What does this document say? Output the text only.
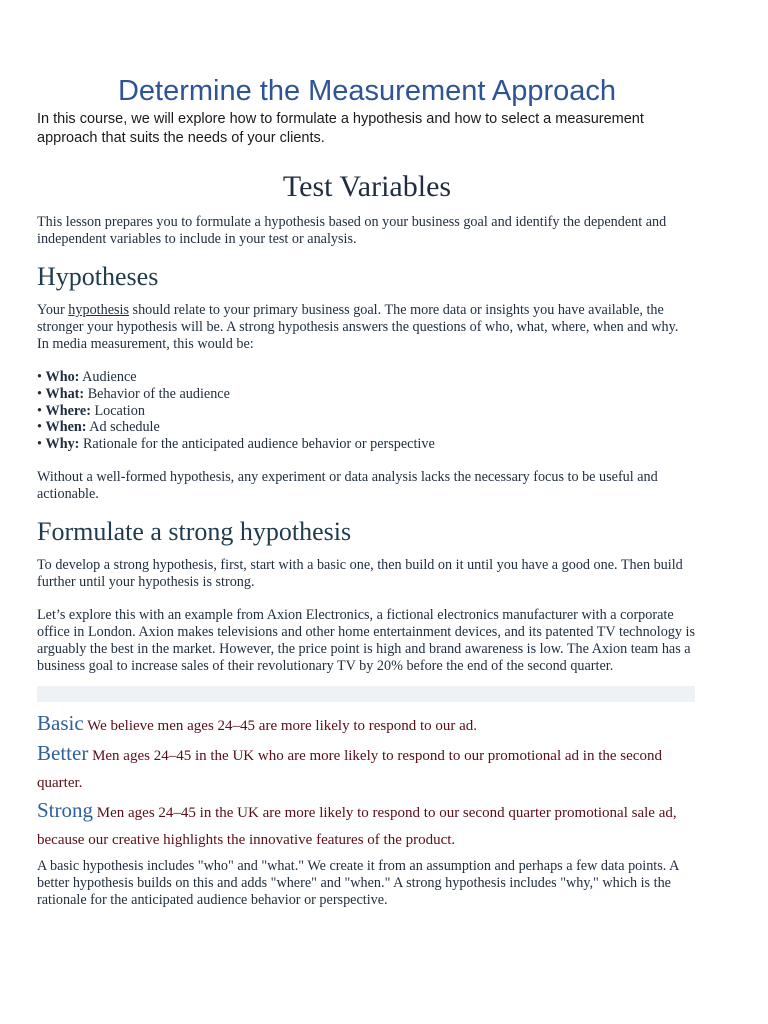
Determine the Measurement Approach

In this course, we will explore how to formulate a hypothesis and how to select a measurement approach that suits the needs of your clients.

Test Variables

This lesson prepares you to formulate a hypothesis based on your business goal and identify the dependent and independent variables to include in your test or analysis.

Hypotheses

Your hypothesis should relate to your primary business goal. The more data or insights you have available, the stronger your hypothesis will be. A strong hypothesis answers the questions of who, what, where, when and why.

In media measurement, this would be:

• Who: Audience
• What: Behavior of the audience
• Where: Location
• When: Ad schedule
• Why: Rationale for the anticipated audience behavior or perspective

Without a well-formed hypothesis, any experiment or data analysis lacks the necessary focus to be useful and actionable.

Formulate a strong hypothesis

To develop a strong hypothesis, first, start with a basic one, then build on it until you have a good one. Then build further until your hypothesis is strong.

Let’s explore this with an example from Axion Electronics, a fictional electronics manufacturer with a corporate office in London. Axion makes televisions and other home entertainment devices, and its patented TV technology is arguably the best in the market. However, the price point is high and brand awareness is low. The Axion team has a business goal to increase sales of their revolutionary TV by 20% before the end of the second quarter.

Basic We believe men ages 24–45 are more likely to respond to our ad.

Better Men ages 24–45 in the UK who are more likely to respond to our promotional ad in the second quarter.

Strong Men ages 24–45 in the UK are more likely to respond to our second quarter promotional sale ad, because our creative highlights the innovative features of the product.

A basic hypothesis includes "who" and "what." We create it from an assumption and perhaps a few data points. A better hypothesis builds on this and adds "where" and "when." A strong hypothesis includes "why," which is the rationale for the anticipated audience behavior or perspective.
